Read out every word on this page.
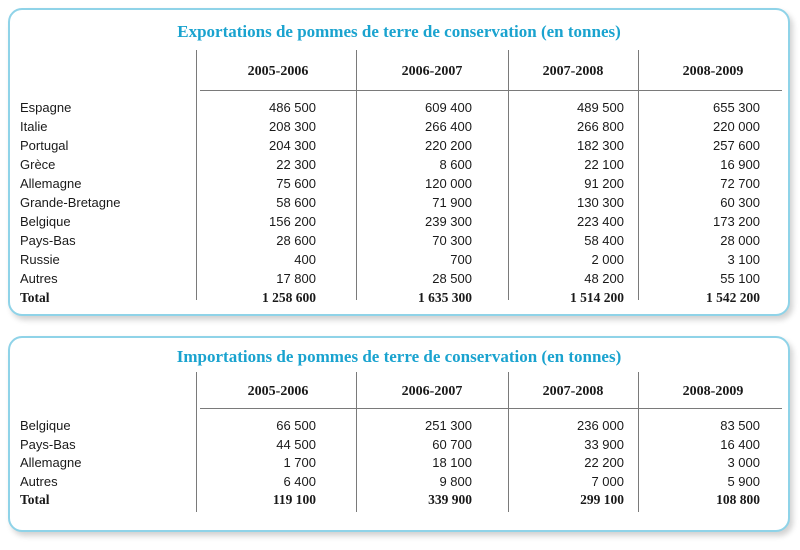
Exportations de pommes de terre de conservation (en tonnes)
2005-2006	2006-2007	2007-2008	2008-2009
Espagne	486 500	609 400	489 500	655 300
Italie	208 300	266 400	266 800	220 000
Portugal	204 300	220 200	182 300	257 600
Grèce	22 300	8 600	22 100	16 900
Allemagne	75 600	120 000	91 200	72 700
Grande-Bretagne	58 600	71 900	130 300	60 300
Belgique	156 200	239 300	223 400	173 200
Pays-Bas	28 600	70 300	58 400	28 000
Russie	400	700	2 000	3 100
Autres	17 800	28 500	48 200	55 100
Total	1 258 600	1 635 300	1 514 200	1 542 200
Importations de pommes de terre de conservation (en tonnes)
2005-2006	2006-2007	2007-2008	2008-2009
Belgique	66 500	251 300	236 000	83 500
Pays-Bas	44 500	60 700	33 900	16 400
Allemagne	1 700	18 100	22 200	3 000
Autres	6 400	9 800	7 000	5 900
Total	119 100	339 900	299 100	108 800
